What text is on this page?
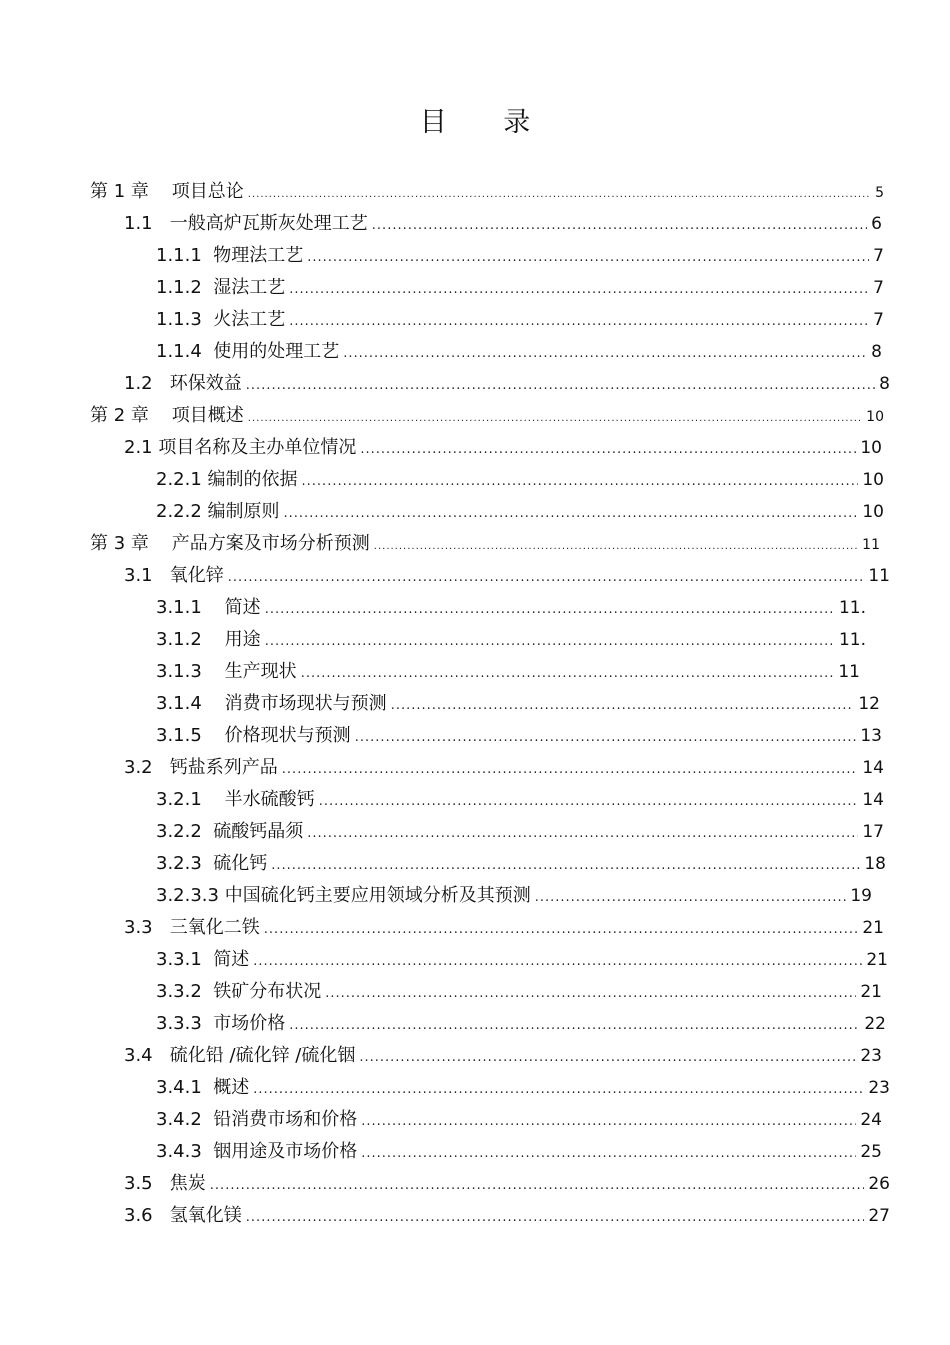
目 录
第 1 章    项目总论 .....	5
1.1   一般高炉瓦斯灰处理工艺 .....	6
1.1.1  物理法工艺 .....	7
1.1.2  湿法工艺 .....	7
1.1.3  火法工艺 .....	7
1.1.4  使用的处理工艺 .....	8
1.2   环保效益 .....	8
第 2 章    项目概述 .....	10
2.1 项目名称及主办单位情况 .....	10
2.2.1 编制的依据 .....	10
2.2.2 编制原则 .....	10
第 3 章    产品方案及市场分析预测 .....	11
3.1   氧化锌 .....	11
3.1.1    简述 .....	11.
3.1.2    用途 .....	11.
3.1.3    生产现状 .....	11
3.1.4    消费市场现状与预测 .....	12
3.1.5    价格现状与预测 .....	13
3.2   钙盐系列产品 .....	14
3.2.1    半水硫酸钙 .....	14
3.2.2  硫酸钙晶须 .....	17
3.2.3  硫化钙 .....	18
3.2.3.3 中国硫化钙主要应用领域分析及其预测 .....	19
3.3   三氧化二铁 .....	21
3.3.1  简述 .....	21
3.3.2  铁矿分布状况 .....	21
3.3.3  市场价格 .....	22
3.4   硫化铅 /硫化锌 /硫化铟 .....	23
3.4.1  概述 .....	23
3.4.2  铅消费市场和价格 .....	24
3.4.3  铟用途及市场价格 .....	25
3.5   焦炭 .....	26
3.6   氢氧化镁 .....	27
